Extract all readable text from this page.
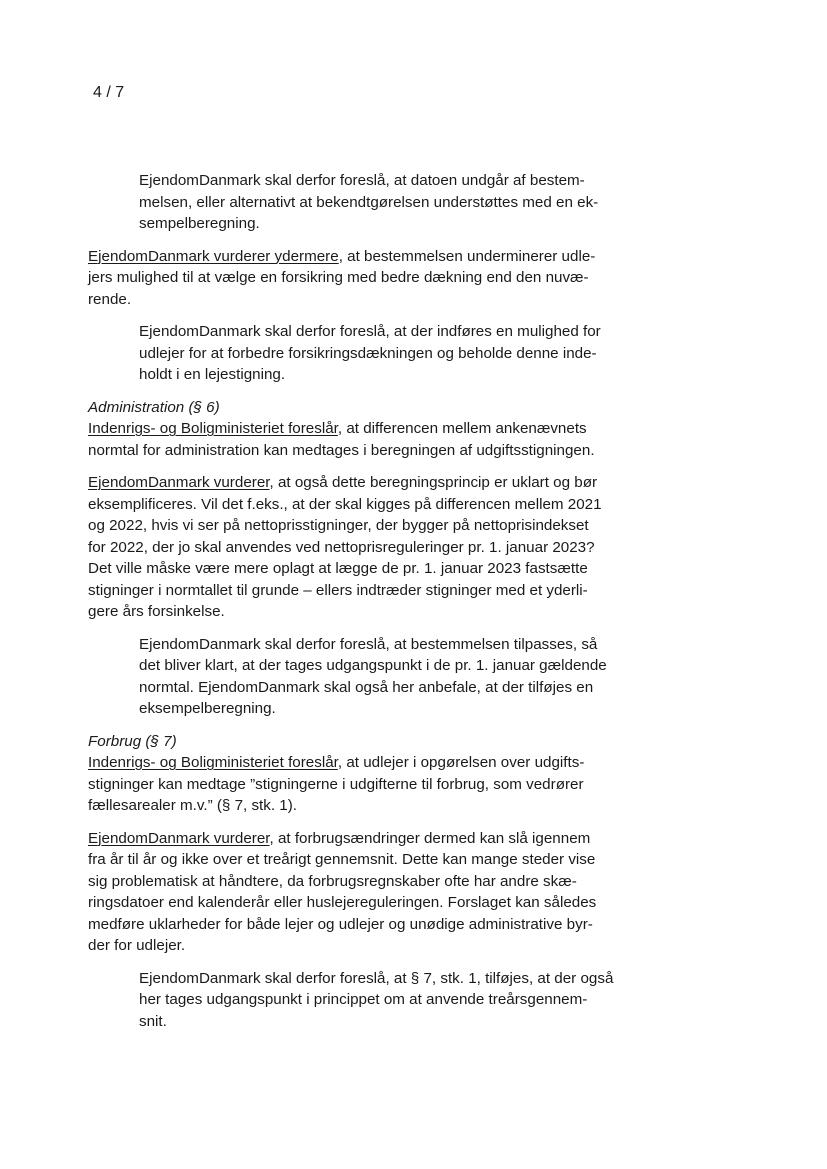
4 / 7
EjendomDanmark skal derfor foreslå, at datoen undgår af bestem-
melsen, eller alternativt at bekendtgørelsen understøttes med en ek-
sempelberegning.
EjendomDanmark vurderer ydermere, at bestemmelsen underminerer udle-
jers mulighed til at vælge en forsikring med bedre dækning end den nuvæ-
rende.
EjendomDanmark skal derfor foreslå, at der indføres en mulighed for
udlejer for at forbedre forsikringsdækningen og beholde denne inde-
holdt i en lejestigning.
Administration (§ 6)
Indenrigs- og Boligministeriet foreslår, at differencen mellem ankenævnets
normtal for administration kan medtages i beregningen af udgiftsstigningen.
EjendomDanmark vurderer, at også dette beregningsprincip er uklart og bør
eksemplificeres. Vil det f.eks., at der skal kigges på differencen mellem 2021
og 2022, hvis vi ser på nettoprisstigninger, der bygger på nettoprisindekset
for 2022, der jo skal anvendes ved nettoprisreguleringer pr. 1. januar 2023?
Det ville måske være mere oplagt at lægge de pr. 1. januar 2023 fastsætte
stigninger i normtallet til grunde – ellers indtræder stigninger med et yderli-
gere års forsinkelse.
EjendomDanmark skal derfor foreslå, at bestemmelsen tilpasses, så
det bliver klart, at der tages udgangspunkt i de pr. 1. januar gældende
normtal. EjendomDanmark skal også her anbefale, at der tilføjes en
eksempelberegning.
Forbrug (§ 7)
Indenrigs- og Boligministeriet foreslår, at udlejer i opgørelsen over udgifts-
stigninger kan medtage ”stigningerne i udgifterne til forbrug, som vedrører
fællesarealer m.v.” (§ 7, stk. 1).
EjendomDanmark vurderer, at forbrugsændringer dermed kan slå igennem
fra år til år og ikke over et treårigt gennemsnit. Dette kan mange steder vise
sig problematisk at håndtere, da forbrugsregnskaber ofte har andre skæ-
ringsdatoer end kalenderår eller huslejereguleringen. Forslaget kan således
medføre uklarheder for både lejer og udlejer og unødige administrative byr-
der for udlejer.
EjendomDanmark skal derfor foreslå, at § 7, stk. 1, tilføjes, at der også
her tages udgangspunkt i princippet om at anvende treårsgennem-
snit.
